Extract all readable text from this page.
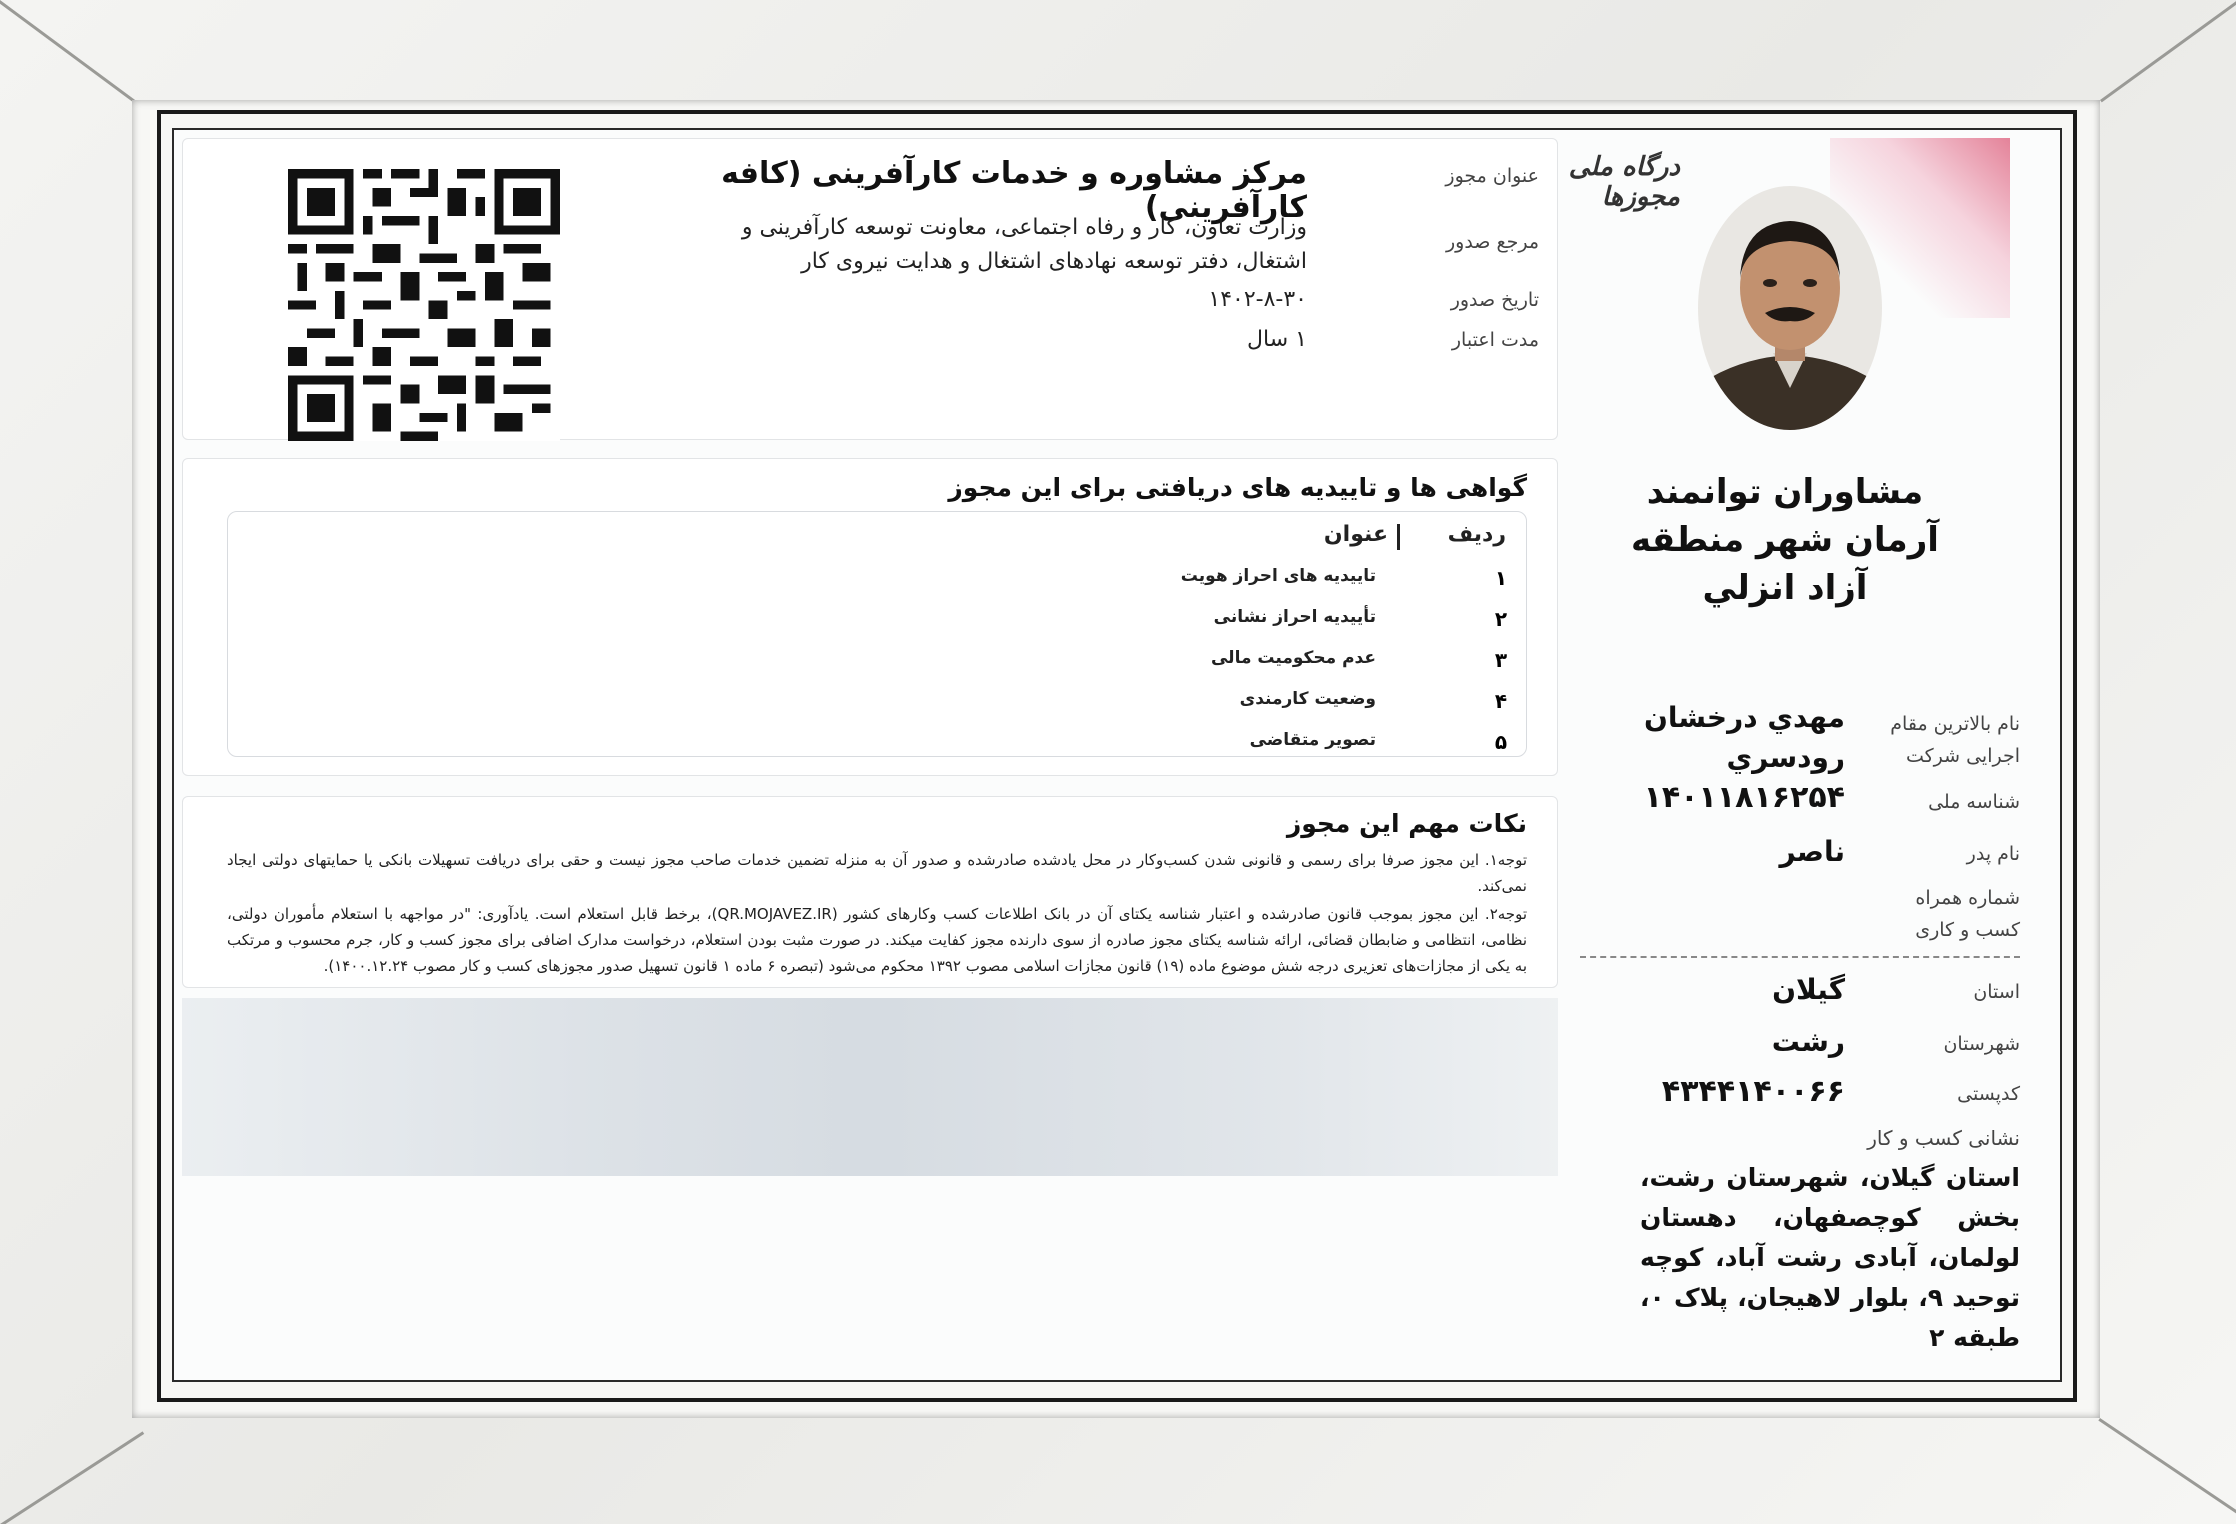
درگاه ملی مجوزها
مشاوران توانمند آرمان شهر منطقه آزاد انزلي
نام بالاترین مقام اجرایی شرکت
مهدي درخشان رودسري
شناسه ملی
۱۴۰۱۱۸۱۶۲۵۴
نام پدر
ناصر
شماره همراه کسب و کاری
استان
گیلان
شهرستان
رشت
کدپستی
۴۳۴۴۱۴۰۰۶۶
نشانی کسب و کار
استان گیلان، شهرستان رشت، بخش کوچصفهان، دهستان لولمان، آبادی رشت آباد، کوچه توحید ۹، بلوار لاهیجان، پلاک ۰، طبقه ۲
عنوان مجوز
مرکز مشاوره و خدمات کارآفرینی (کافه کارآفرینی)
مرجع صدور
وزارت تعاون، کار و رفاه اجتماعی، معاونت توسعه کارآفرینی و اشتغال، دفتر توسعه نهادهای اشتغال و هدایت نیروی کار
تاریخ صدور
۱۴۰۲-۸-۳۰
مدت اعتبار
۱ سال
گواهی ها و تاییدیه های دریافتی برای این مجوز
ردیف
عنوان
۱
تاییدیه های احراز هویت
۲
تأییدیه احراز نشانی
۳
عدم محکومیت مالی
۴
وضعیت کارمندی
۵
تصویر متقاضی
نکات مهم این مجوز
توجه۱. این مجوز صرفا برای رسمی و قانونی شدن کسب‌وکار در محل یادشده صادرشده و صدور آن به منزله تضمین خدمات صاحب مجوز نیست و حقی برای دریافت تسهیلات بانکی یا حمایتهای دولتی ایجاد نمی‌کند.
توجه۲. این مجوز بموجب قانون صادرشده و اعتبار شناسه یکتای آن در بانک اطلاعات کسب وکارهای کشور (QR.MOJAVEZ.IR)، برخط قابل استعلام است. یادآوری: "در مواجهه با استعلام مأموران دولتی، نظامی، انتظامی و ضابطان قضائی، ارائه شناسه یکتای مجوز صادره از سوی دارنده مجوز کفایت میکند. در صورت مثبت بودن استعلام، درخواست مدارک اضافی برای مجوز کسب و کار، جرم محسوب و مرتکب به یکی از مجازات‌های تعزیری درجه شش موضوع ماده (۱۹) قانون مجازات اسلامی مصوب ۱۳۹۲ محکوم می‌شود (تبصره ۶ ماده ۱ قانون تسهیل صدور مجوزهای کسب و کار مصوب ۱۴۰۰.۱۲.۲۴).
